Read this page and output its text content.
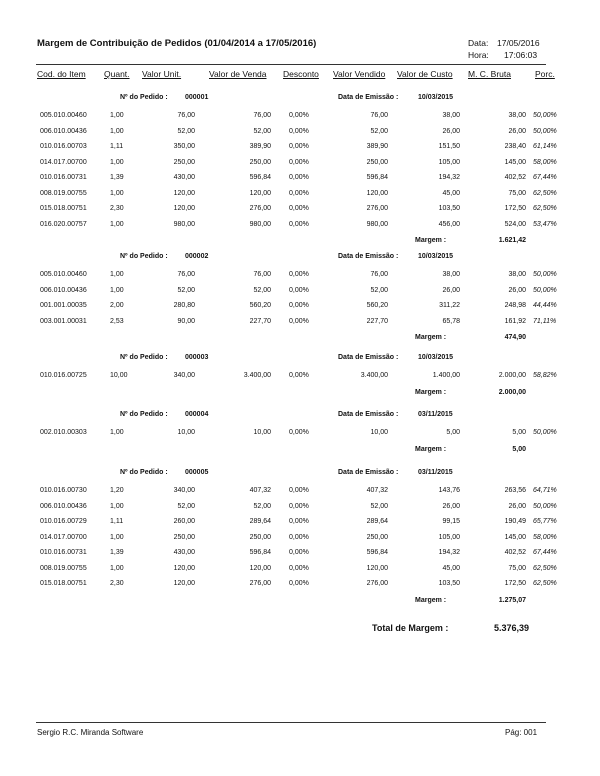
Margem de Contribuição de Pedidos (01/04/2014 a 17/05/2016)	Data: 17/05/2016
Hora: 17:06:03
Cod. do Item Quant. Valor Unit.	Valor de Venda Desconto Valor Vendido Valor de Custo M. C. Bruta	Porc.
Nº do Pedido : 000001	Data de Emissão :	10/03/2015
005.010.00460	1,00	76,00	76,00	0,00%	76,00	38,00	38,00 50,00%
006.010.00436	1,00	52,00	52,00	0,00%	52,00	26,00	26,00 50,00%
010.016.00703	1,11	350,00	389,90	0,00%	389,90	151,50	238,40 61,14%
014.017.00700	1,00	250,00	250,00	0,00%	250,00	105,00	145,00 58,00%
010.016.00731	1,39	430,00	596,84	0,00%	596,84	194,32	402,52 67,44%
008.019.00755	1,00	120,00	120,00	0,00%	120,00	45,00	75,00 62,50%
015.018.00751	2,30	120,00	276,00	0,00%	276,00	103,50	172,50 62,50%
016.020.00757	1,00	980,00	980,00	0,00%	980,00	456,00	524,00 53,47%
Margem :	1.621,42
Nº do Pedido : 000002	Data de Emissão :	10/03/2015
005.010.00460	1,00	76,00	76,00	0,00%	76,00	38,00	38,00 50,00%
006.010.00436	1,00	52,00	52,00	0,00%	52,00	26,00	26,00 50,00%
001.001.00035	2,00	280,80	560,20	0,00%	560,20	311,22	248,98 44,44%
003.001.00031	2,53	90,00	227,70	0,00%	227,70	65,78	161,92 71,11%
Margem :	474,90
Nº do Pedido : 000003	Data de Emissão :	10/03/2015
010.016.00725	10,00	340,00	3.400,00	0,00%	3.400,00	1.400,00	2.000,00 58,82%
Margem :	2.000,00
Nº do Pedido : 000004	Data de Emissão :	03/11/2015
002.010.00303	1,00	10,00	10,00	0,00%	10,00	5,00	5,00 50,00%
Margem :	5,00
Nº do Pedido : 000005	Data de Emissão :	03/11/2015
010.016.00730	1,20	340,00	407,32	0,00%	407,32	143,76	263,56 64,71%
006.010.00436	1,00	52,00	52,00	0,00%	52,00	26,00	26,00 50,00%
010.016.00729	1,11	260,00	289,64	0,00%	289,64	99,15	190,49 65,77%
014.017.00700	1,00	250,00	250,00	0,00%	250,00	105,00	145,00 58,00%
010.016.00731	1,39	430,00	596,84	0,00%	596,84	194,32	402,52 67,44%
008.019.00755	1,00	120,00	120,00	0,00%	120,00	45,00	75,00 62,50%
015.018.00751	2,30	120,00	276,00	0,00%	276,00	103,50	172,50 62,50%
Margem :	1.275,07
Total de Margem :	5.376,39
Sergio R.C. Miranda Software	Pág: 001
